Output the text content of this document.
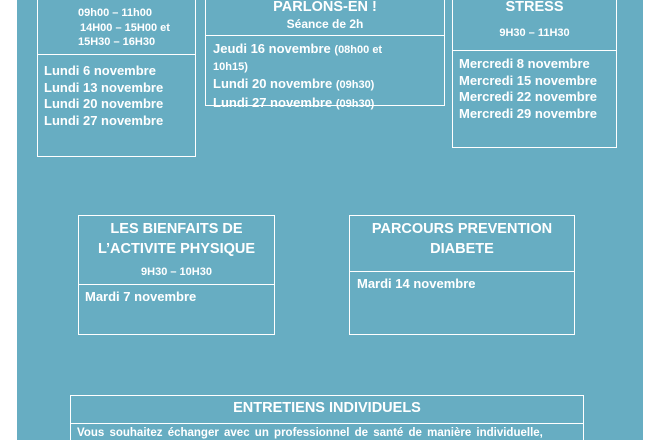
09h00 – 11h00
14H00 – 15H00 et
15H30 – 16H30
Lundi 6 novembre
Lundi 13 novembre
Lundi 20 novembre
Lundi 27 novembre
PARLONS-EN !
Séance de 2h
Jeudi 16 novembre (08h00 et
10h15)
Lundi 20 novembre (09h30)
Lundi 27 novembre (09h30)
STRESS
9H30 – 11H30
Mercredi 8 novembre
Mercredi 15 novembre
Mercredi 22 novembre
Mercredi 29 novembre
LES BIENFAITS DE
L’ACTIVITE PHYSIQUE
9H30 – 10H30
Mardi 7 novembre
PARCOURS PREVENTION
DIABETE
Mardi 14 novembre
ENTRETIENS INDIVIDUELS
Vous souhaitez échanger avec un professionnel de santé de manière individuelle,
